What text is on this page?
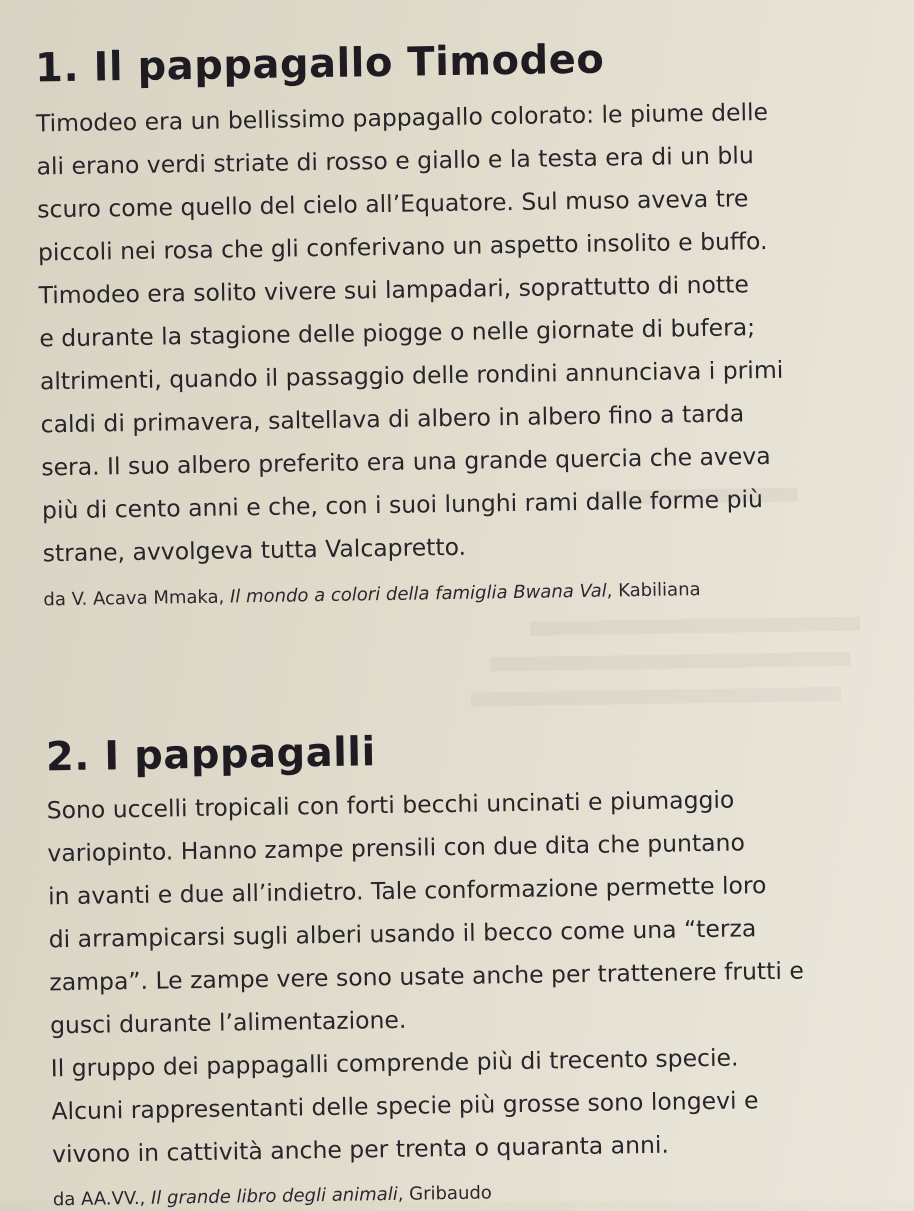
1. Il pappagallo Timodeo

Timodeo era un bellissimo pappagallo colorato: le piume delle

ali erano verdi striate di rosso e giallo e la testa era di un blu

scuro come quello del cielo all’Equatore. Sul muso aveva tre

piccoli nei rosa che gli conferivano un aspetto insolito e buffo.

Timodeo era solito vivere sui lampadari, soprattutto di notte

e durante la stagione delle piogge o nelle giornate di bufera;

altrimenti, quando il passaggio delle rondini annunciava i primi

caldi di primavera, saltellava di albero in albero fino a tarda

sera. Il suo albero preferito era una grande quercia che aveva

più di cento anni e che, con i suoi lunghi rami dalle forme più

strane, avvolgeva tutta Valcapretto.

da V. Acava Mmaka, Il mondo a colori della famiglia Bwana Val, Kabiliana

2. I pappagalli

Sono uccelli tropicali con forti becchi uncinati e piumaggio

variopinto. Hanno zampe prensili con due dita che puntano

in avanti e due all’indietro. Tale conformazione permette loro

di arrampicarsi sugli alberi usando il becco come una “terza

zampa”. Le zampe vere sono usate anche per trattenere frutti e

gusci durante l’alimentazione.

Il gruppo dei pappagalli comprende più di trecento specie.

Alcuni rappresentanti delle specie più grosse sono longevi e

vivono in cattività anche per trenta o quaranta anni.

da AA.VV., Il grande libro degli animali, Gribaudo
